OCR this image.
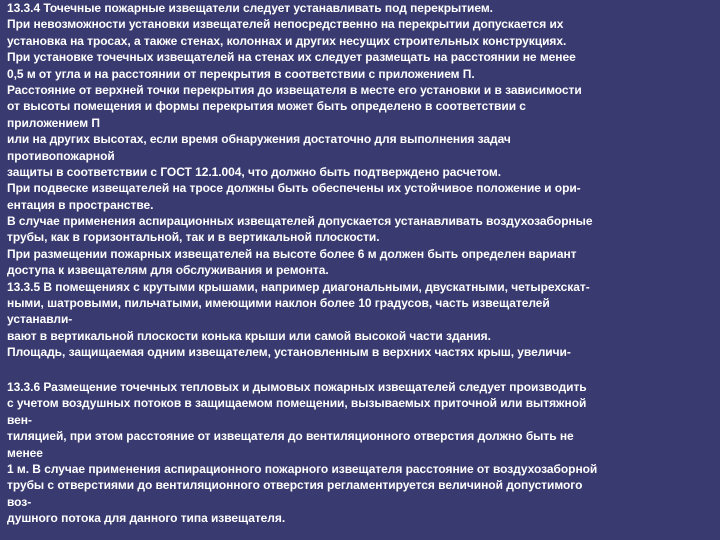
13.3.4 Точечные пожарные извещатели следует устанавливать под перекрытием.
При невозможности установки извещателей непосредственно на перекрытии допускается их
установка на тросах, а также стенах, колоннах и других несущих строительных конструкциях.
При установке точечных извещателей на стенах их следует размещать на расстоянии не менее
0,5 м от угла и на расстоянии от перекрытия в соответствии с приложением П.
Расстояние от верхней точки перекрытия до извещателя в месте его установки и в зависимости
от высоты помещения и формы перекрытия может быть определено в соответствии с
приложением П
или на других высотах, если время обнаружения достаточно для выполнения задач
противопожарной
защиты в соответствии с ГОСТ 12.1.004, что должно быть подтверждено расчетом.
При подвеске извещателей на тросе должны быть обеспечены их устойчивое положение и ори-
ентация в пространстве.
В случае применения аспирационных извещателей допускается устанавливать воздухозаборные
трубы, как в горизонтальной, так и в вертикальной плоскости.
При размещении пожарных извещателей на высоте более 6 м должен быть определен вариант
доступа к извещателям для обслуживания и ремонта.
13.3.5 В помещениях с крутыми крышами, например диагональными, двускатными, четырехскат-
ными, шатровыми, пильчатыми, имеющими наклон более 10 градусов, часть извещателей
устанавли-
вают в вертикальной плоскости конька крыши или самой высокой части здания.
Площадь, защищаемая одним извещателем, установленным в верхних частях крыш, увеличи-
13.3.6 Размещение точечных тепловых и дымовых пожарных извещателей следует производить
с учетом воздушных потоков в защищаемом помещении, вызываемых приточной или вытяжной
вен-
тиляцией, при этом расстояние от извещателя до вентиляционного отверстия должно быть не
менее
1 м. В случае применения аспирационного пожарного извещателя расстояние от воздухозаборной
трубы с отверстиями до вентиляционного отверстия регламентируется величиной допустимого
воз-
душного потока для данного типа извещателя.
